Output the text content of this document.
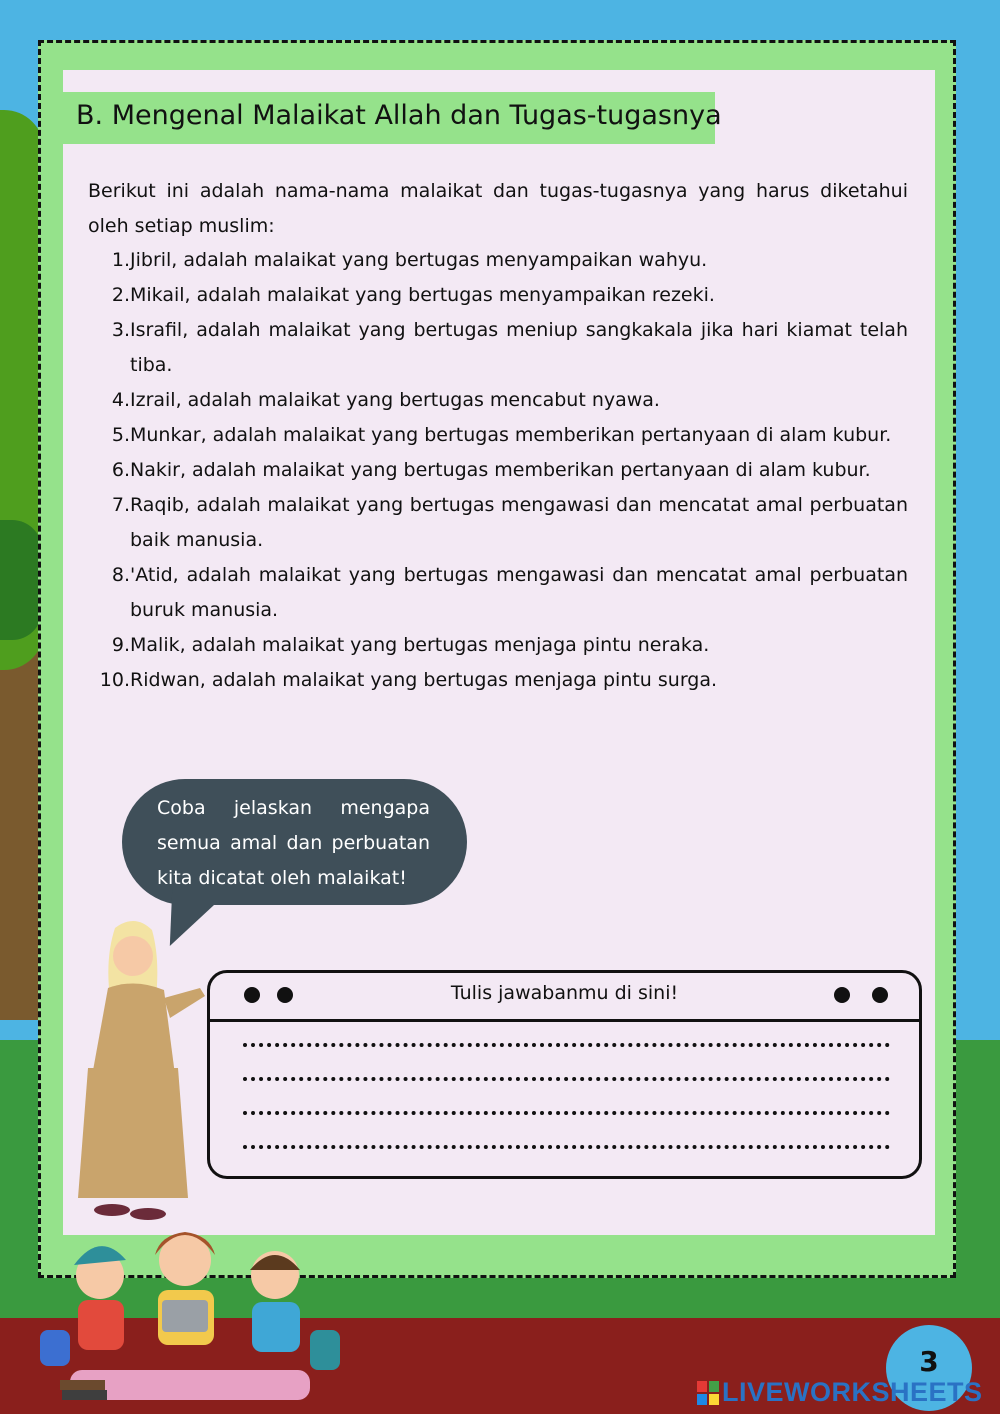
B. Mengenal Malaikat Allah dan Tugas-tugasnya
Berikut ini adalah nama-nama malaikat dan tugas-tugasnya yang harus diketahui oleh setiap muslim:
1. Jibril, adalah malaikat yang bertugas menyampaikan wahyu.
2. Mikail, adalah malaikat yang bertugas menyampaikan rezeki.
3. Israfil, adalah malaikat yang bertugas meniup sangkakala jika hari kiamat telah tiba.
4. Izrail, adalah malaikat yang bertugas mencabut nyawa.
5. Munkar, adalah malaikat yang bertugas memberikan pertanyaan di alam kubur.
6. Nakir, adalah malaikat yang bertugas memberikan pertanyaan di alam kubur.
7. Raqib, adalah malaikat yang bertugas mengawasi dan mencatat amal perbuatan baik manusia.
8. 'Atid, adalah malaikat yang bertugas mengawasi dan mencatat amal perbuatan buruk manusia.
9. Malik, adalah malaikat yang bertugas menjaga pintu neraka.
10. Ridwan, adalah malaikat yang bertugas menjaga pintu surga.
Coba jelaskan mengapa semua amal dan perbuatan kita dicatat oleh malaikat!
Tulis jawabanmu di sini!
3
LIVEWORKSHEETS
